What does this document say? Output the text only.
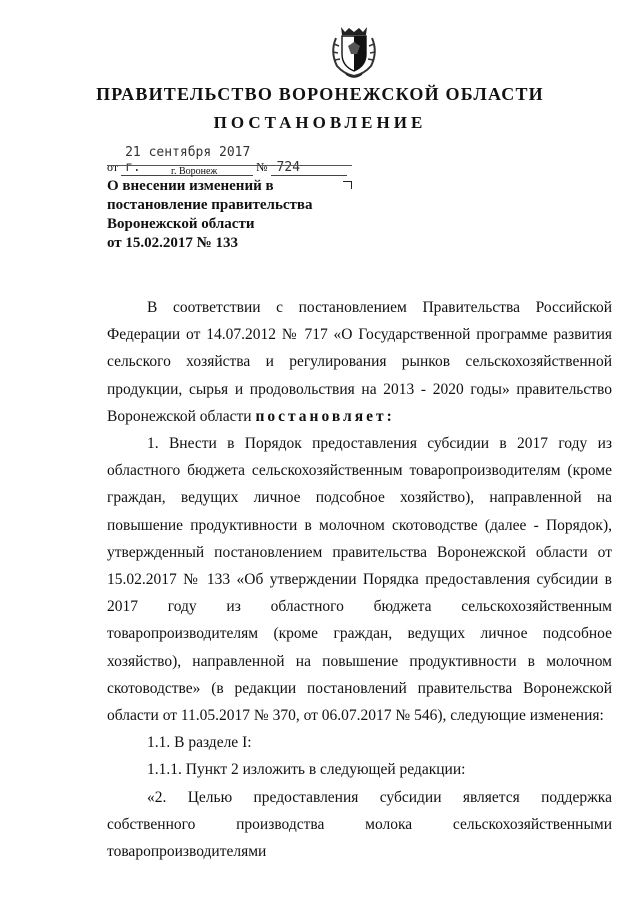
ПРАВИТЕЛЬСТВО ВОРОНЕЖСКОЙ ОБЛАСТИ
ПОСТАНОВЛЕНИЕ
от 21 сентября 2017 г.	№ 724
г. Воронеж
О внесении изменений в
постановление правительства
Воронежской области
от 15.02.2017 № 133

В соответствии с постановлением Правительства Российской Федерации от 14.07.2012 № 717 «О Государственной программе развития сельского хозяйства и регулирования рынков сельскохозяйственной продукции, сырья и продовольствия на 2013 - 2020 годы» правительство Воронежской области постановляет:

1. Внести в Порядок предоставления субсидии в 2017 году из областного бюджета сельскохозяйственным товаропроизводителям (кроме граждан, ведущих личное подсобное хозяйство), направленной на повышение продуктивности в молочном скотоводстве (далее - Порядок), утвержденный постановлением правительства Воронежской области от 15.02.2017 № 133 «Об утверждении Порядка предоставления субсидии в 2017 году из областного бюджета сельскохозяйственным товаропроизводителям (кроме граждан, ведущих личное подсобное хозяйство), направленной на повышение продуктивности в молочном скотоводстве» (в редакции постановлений правительства Воронежской области от 11.05.2017 № 370, от 06.07.2017 № 546), следующие изменения:

1.1. В разделе I:

1.1.1. Пункт 2 изложить в следующей редакции:

«2. Целью предоставления субсидии является поддержка собственного производства молока сельскохозяйственными товаропроизводителями
